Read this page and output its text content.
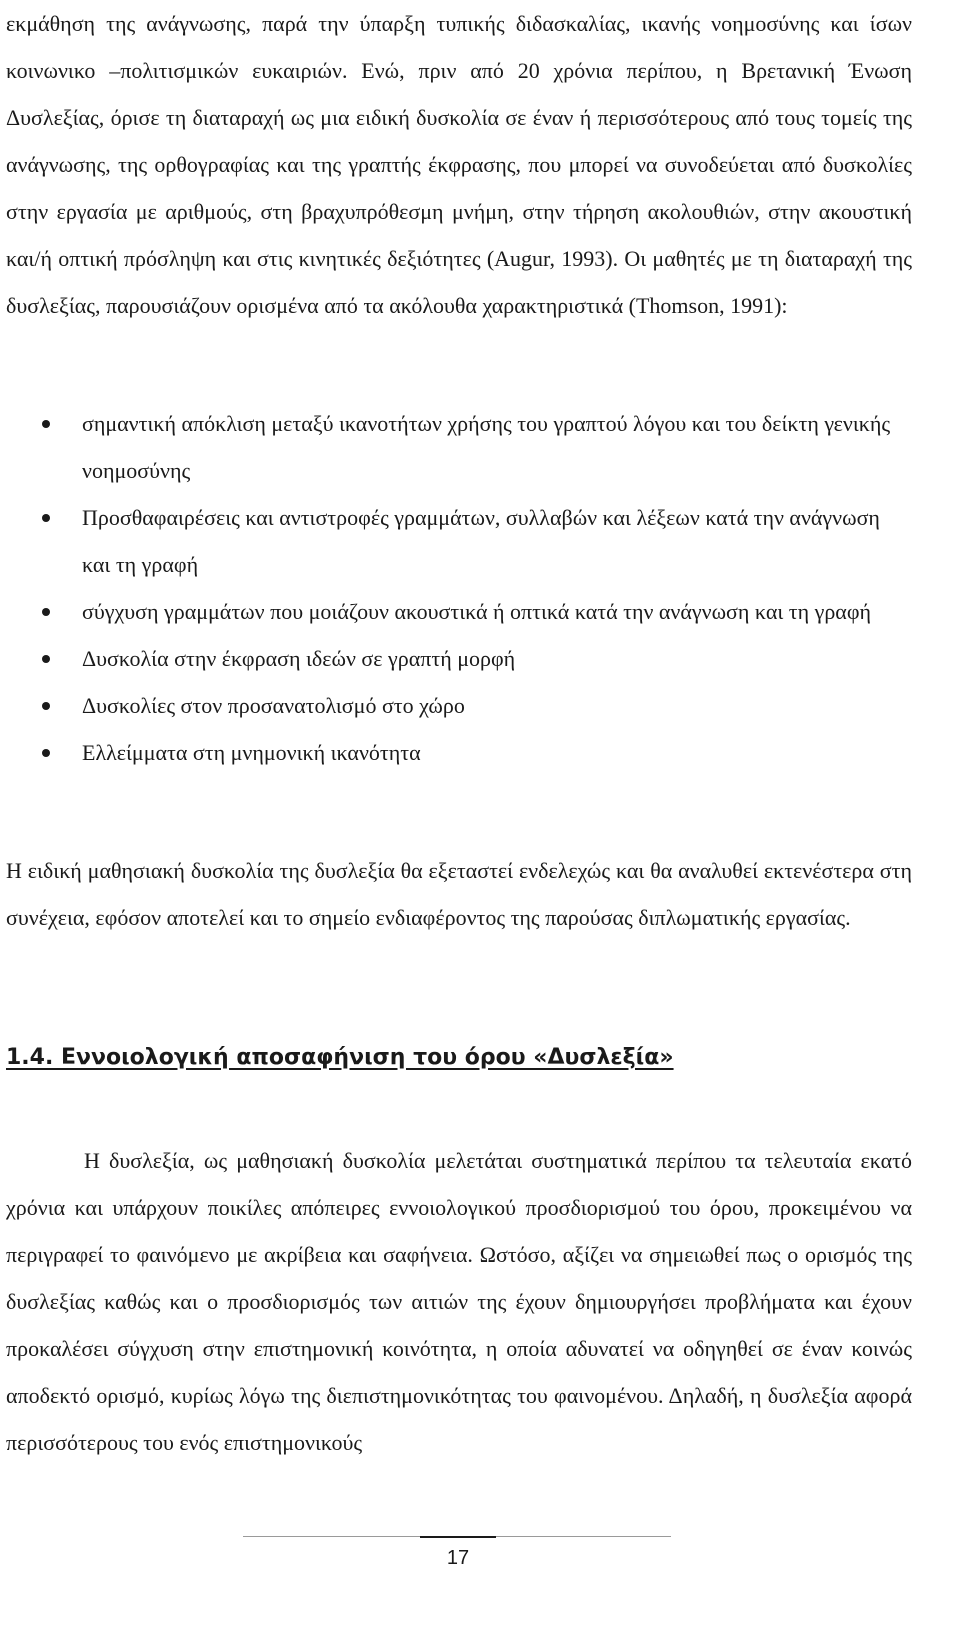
εκμάθηση της ανάγνωσης, παρά την ύπαρξη τυπικής διδασκαλίας, ικανής νοημοσύνης και ίσων κοινωνικο –πολιτισμικών ευκαιριών. Ενώ, πριν από 20 χρόνια περίπου, η Βρετανική Ένωση Δυσλεξίας, όρισε τη διαταραχή ως μια ειδική δυσκολία σε έναν ή περισσότερους από τους τομείς της ανάγνωσης, της ορθογραφίας και της γραπτής έκφρασης, που μπορεί να συνοδεύεται από δυσκολίες στην εργασία με αριθμούς, στη βραχυπρόθεσμη μνήμη, στην τήρηση ακολουθιών, στην ακουστική και/ή οπτική πρόσληψη και στις κινητικές δεξιότητες (Augur, 1993). Οι μαθητές με τη διαταραχή της δυσλεξίας, παρουσιάζουν ορισμένα από τα ακόλουθα χαρακτηριστικά (Thomson, 1991):

σημαντική απόκλιση μεταξύ ικανοτήτων χρήσης του γραπτού λόγου και του δείκτη γενικής νοημοσύνης
Προσθαφαιρέσεις και αντιστροφές γραμμάτων, συλλαβών και λέξεων κατά την ανάγνωση και τη γραφή
σύγχυση γραμμάτων που μοιάζουν ακουστικά ή οπτικά κατά την ανάγνωση και τη γραφή
Δυσκολία στην έκφραση ιδεών σε γραπτή μορφή
Δυσκολίες στον προσανατολισμό στο χώρο
Ελλείμματα στη μνημονική ικανότητα

Η ειδική μαθησιακή δυσκολία της δυσλεξία θα εξεταστεί ενδελεχώς και θα αναλυθεί εκτενέστερα στη συνέχεια, εφόσον αποτελεί και το σημείο ενδιαφέροντος της παρούσας διπλωματικής εργασίας.

1.4. Εννοιολογική αποσαφήνιση του όρου «Δυσλεξία»

Η δυσλεξία, ως μαθησιακή δυσκολία μελετάται συστηματικά περίπου τα τελευταία εκατό χρόνια και υπάρχουν ποικίλες απόπειρες εννοιολογικού προσδιορισμού του όρου, προκειμένου να περιγραφεί το φαινόμενο με ακρίβεια και σαφήνεια. Ωστόσο, αξίζει να σημειωθεί πως ο ορισμός της δυσλεξίας καθώς και ο προσδιορισμός των αιτιών της έχουν δημιουργήσει προβλήματα και έχουν προκαλέσει σύγχυση στην επιστημονική κοινότητα, η οποία αδυνατεί να οδηγηθεί σε έναν κοινώς αποδεκτό ορισμό, κυρίως λόγω της διεπιστημονικότητας του φαινομένου. Δηλαδή, η δυσλεξία αφορά περισσότερους του ενός επιστημονικούς

17
